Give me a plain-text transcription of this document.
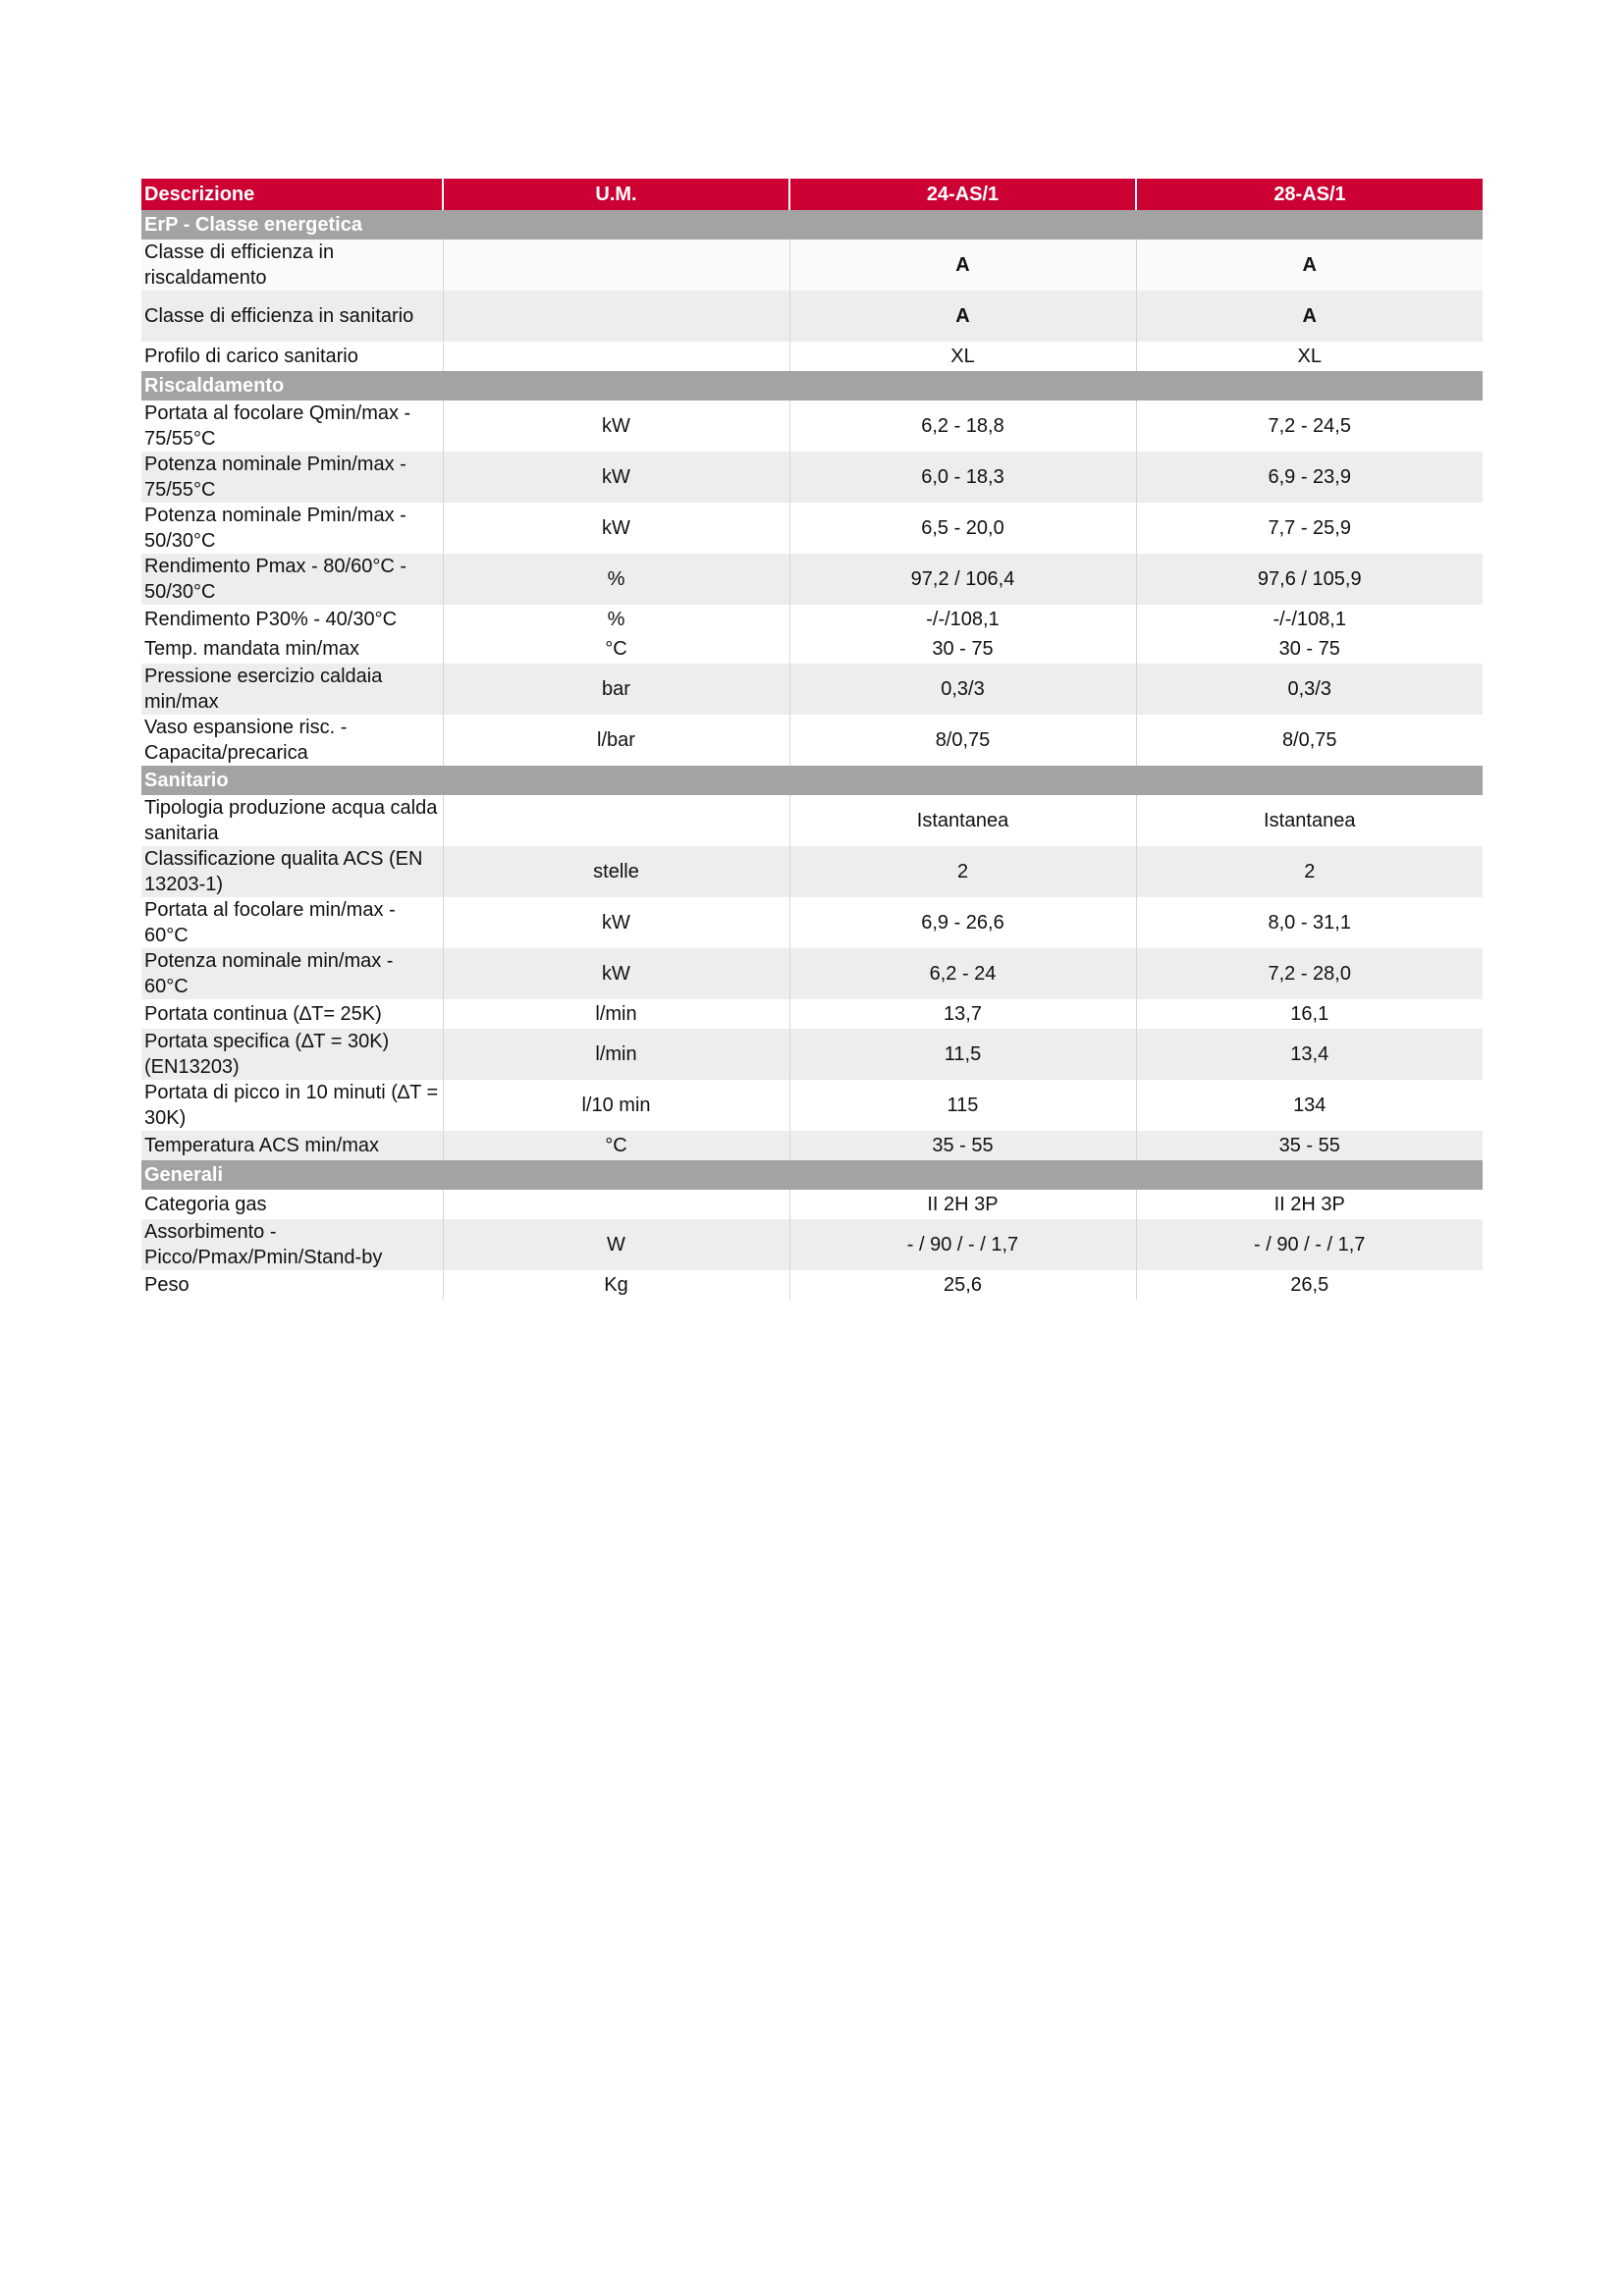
Descrizione	U.M.	24-AS/1	28-AS/1
ErP - Classe energetica			
Classe di efficienza in riscaldamento		A	A
Classe di efficienza in sanitario		A	A
Profilo di carico sanitario		XL	XL
Riscaldamento			
Portata al focolare Qmin/max - 75/55°C	kW	6,2 - 18,8	7,2 - 24,5
Potenza nominale Pmin/max - 75/55°C	kW	6,0 - 18,3	6,9 - 23,9
Potenza nominale Pmin/max - 50/30°C	kW	6,5 - 20,0	7,7 - 25,9
Rendimento Pmax - 80/60°C - 50/30°C	%	97,2 / 106,4	97,6 / 105,9
Rendimento P30% - 40/30°C	%	-/-/108,1	-/-/108,1
Temp. mandata min/max	°C	30 - 75	30 - 75
Pressione esercizio caldaia min/max	bar	0,3/3	0,3/3
Vaso espansione risc. - Capacita/precarica	l/bar	8/0,75	8/0,75
Sanitario			
Tipologia produzione acqua calda sanitaria		Istantanea	Istantanea
Classificazione qualita ACS (EN 13203-1)	stelle	2	2
Portata al focolare min/max - 60°C	kW	6,9 - 26,6	8,0 - 31,1
Potenza nominale min/max - 60°C	kW	6,2 - 24	7,2 - 28,0
Portata continua (∆T= 25K)	l/min	13,7	16,1
Portata specifica (∆T = 30K) (EN13203)	l/min	11,5	13,4
Portata di picco in 10 minuti (∆T = 30K)	l/10 min	115	134
Temperatura ACS min/max	°C	35 - 55	35 - 55
Generali			
Categoria gas		II 2H 3P	II 2H 3P
Assorbimento - Picco/Pmax/Pmin/Stand-by	W	- / 90 / - / 1,7	- / 90 / - / 1,7
Peso	Kg	25,6	26,5
